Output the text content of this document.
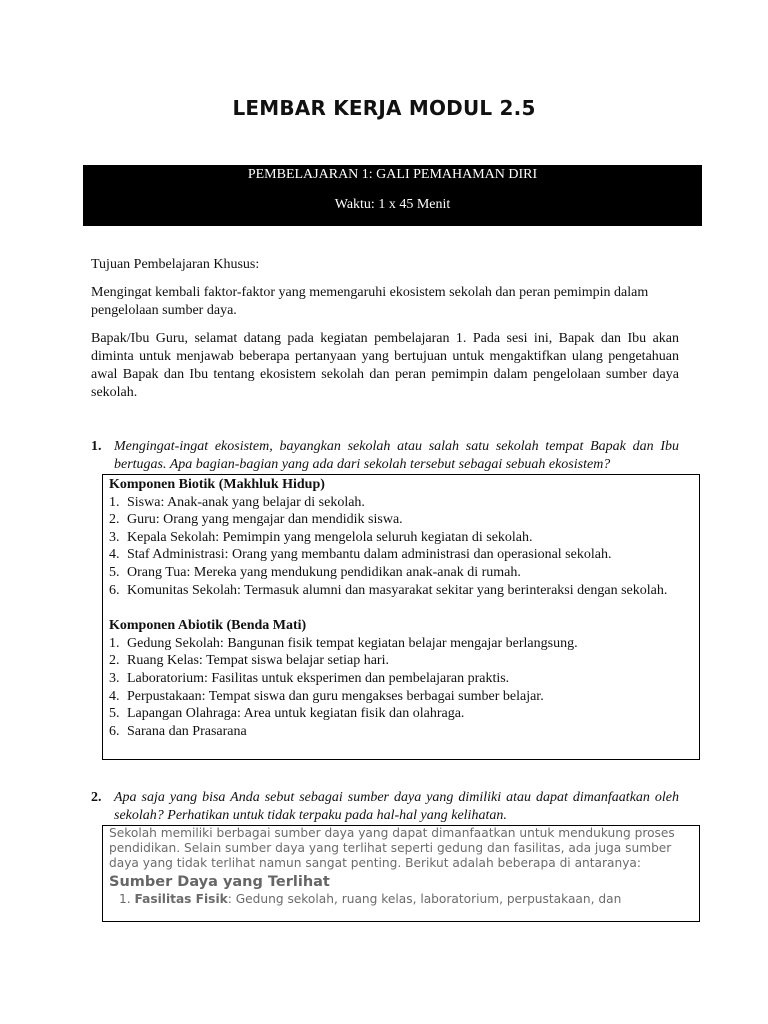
LEMBAR KERJA MODUL 2.5
PEMBELAJARAN 1: GALI PEMAHAMAN DIRI
Waktu: 1 x 45 Menit

Tujuan Pembelajaran Khusus:

Mengingat kembali faktor-faktor yang memengaruhi ekosistem sekolah dan peran pemimpin dalam pengelolaan sumber daya.

Bapak/Ibu Guru, selamat datang pada kegiatan pembelajaran 1. Pada sesi ini, Bapak dan Ibu akan diminta untuk menjawab beberapa pertanyaan yang bertujuan untuk mengaktifkan ulang pengetahuan awal Bapak dan Ibu tentang ekosistem sekolah dan peran pemimpin dalam pengelolaan sumber daya sekolah.

1. Mengingat-ingat ekosistem, bayangkan sekolah atau salah satu sekolah tempat Bapak dan Ibu bertugas. Apa bagian-bagian yang ada dari sekolah tersebut sebagai sebuah ekosistem?
Komponen Biotik (Makhluk Hidup)
1. Siswa: Anak-anak yang belajar di sekolah.
2. Guru: Orang yang mengajar dan mendidik siswa.
3. Kepala Sekolah: Pemimpin yang mengelola seluruh kegiatan di sekolah.
4. Staf Administrasi: Orang yang membantu dalam administrasi dan operasional sekolah.
5. Orang Tua: Mereka yang mendukung pendidikan anak-anak di rumah.
6. Komunitas Sekolah: Termasuk alumni dan masyarakat sekitar yang berinteraksi dengan sekolah.
Komponen Abiotik (Benda Mati)
1. Gedung Sekolah: Bangunan fisik tempat kegiatan belajar mengajar berlangsung.
2. Ruang Kelas: Tempat siswa belajar setiap hari.
3. Laboratorium: Fasilitas untuk eksperimen dan pembelajaran praktis.
4. Perpustakaan: Tempat siswa dan guru mengakses berbagai sumber belajar.
5. Lapangan Olahraga: Area untuk kegiatan fisik dan olahraga.
6. Sarana dan Prasarana
2. Apa saja yang bisa Anda sebut sebagai sumber daya yang dimiliki atau dapat dimanfaatkan oleh sekolah? Perhatikan untuk tidak terpaku pada hal-hal yang kelihatan.

Sekolah memiliki berbagai sumber daya yang dapat dimanfaatkan untuk mendukung proses pendidikan. Selain sumber daya yang terlihat seperti gedung dan fasilitas, ada juga sumber daya yang tidak terlihat namun sangat penting. Berikut adalah beberapa di antaranya:

Sumber Daya yang Terlihat
1. Fasilitas Fisik: Gedung sekolah, ruang kelas, laboratorium, perpustakaan, dan
